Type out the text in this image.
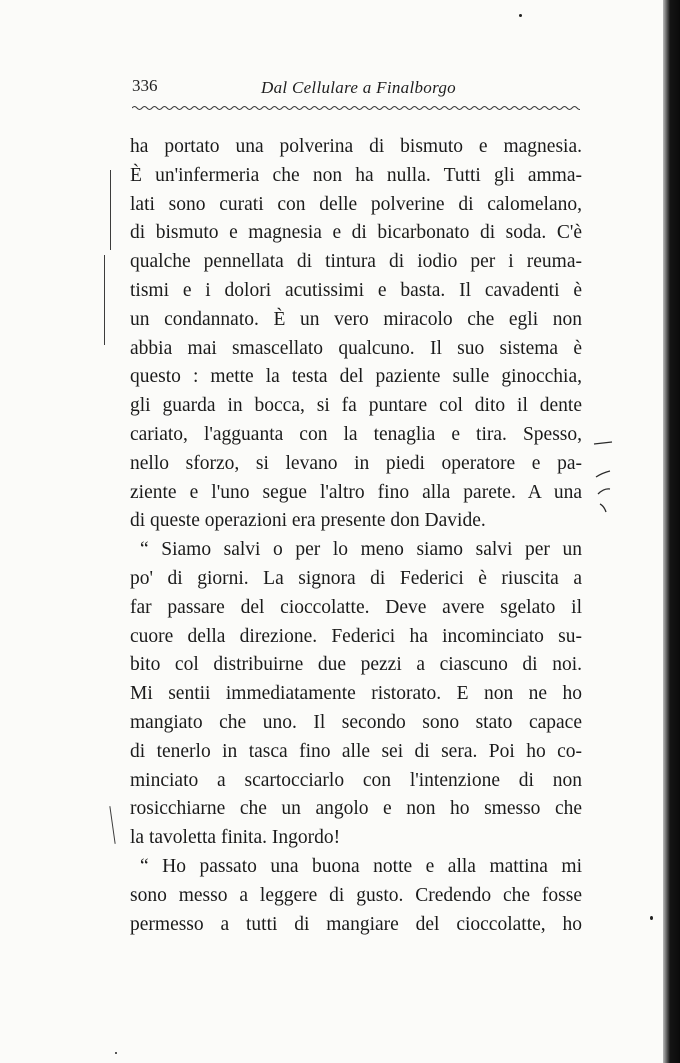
336	Dal Cellulare a Finalborgo
ha portato una polverina di bismuto e magnesia.
È un'infermeria che non ha nulla. Tutti gli amma-
lati sono curati con delle polverine di calomelano,
di bismuto e magnesia e di bicarbonato di soda. C'è
qualche pennellata di tintura di iodio per i reuma-
tismi e i dolori acutissimi e basta. Il cavadenti è
un condannato. È un vero miracolo che egli non
abbia mai smascellato qualcuno. Il suo sistema è
questo : mette la testa del paziente sulle ginocchia,
gli guarda in bocca, si fa puntare col dito il dente
cariato, l'agguanta con la tenaglia e tira. Spesso,
nello sforzo, si levano in piedi operatore e pa-
ziente e l'uno segue l'altro fino alla parete. A una
di queste operazioni era presente don Davide.
“ Siamo salvi o per lo meno siamo salvi per un
po' di giorni. La signora di Federici è riuscita a
far passare del cioccolatte. Deve avere sgelato il
cuore della direzione. Federici ha incominciato su-
bito col distribuirne due pezzi a ciascuno di noi.
Mi sentii immediatamente ristorato. E non ne ho
mangiato che uno. Il secondo sono stato capace
di tenerlo in tasca fino alle sei di sera. Poi ho co-
minciato a scartocciarlo con l'intenzione di non
rosicchiarne che un angolo e non ho smesso che
la tavoletta finita. Ingordo!
“ Ho passato una buona notte e alla mattina mi
sono messo a leggere di gusto. Credendo che fosse
permesso a tutti di mangiare del cioccolatte, ho
